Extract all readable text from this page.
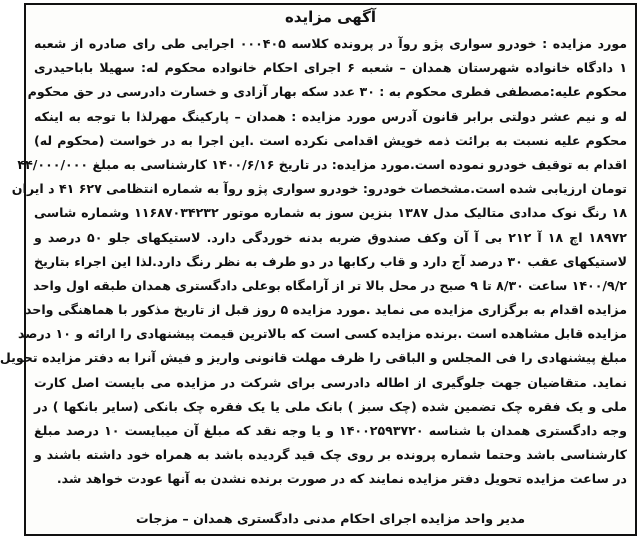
آگهی مزایده
مورد مزایده : خودرو سواری پژو روآ در پرونده کلاسه ۰۰۰۴۰۵ اجرایی طی رای صادره از شعبه
۱ دادگاه خانواده شهرستان همدان – شعبه ۶ اجرای احکام خانواده محکوم له: سهیلا باباحیدری
محکوم علیه:مصطفی فطری محکوم به : ۳۰ عدد سکه بهار آزادی و خسارت دادرسی در حق محکوم
له و نیم عشر دولتی برابر قانون آدرس مورد مزایده : همدان – پارکینگ مهرلذا با توجه به اینکه
محکوم علیه نسبت به برائت ذمه خویش اقدامی نکرده است .این اجرا به در خواست (محکوم له)
اقدام به توقیف خودرو نموده است.مورد مزایده: در تاریخ ۱۴۰۰/۶/۱۶ کارشناسی به مبلغ ۴۴/۰۰۰/۰۰۰
تومان ارزیابی شده است.مشخصات خودرو: خودرو سواری پژو روآ به شماره انتظامی ۶۲۷ ۴۱ د ایران
۱۸ رنگ نوک مدادی متالیک مدل ۱۳۸۷ بنزین سوز به شماره موتور ۱۱۶۸۷۰۳۴۲۳۲ وشماره شاسی
۱۸۹۷۲ اچ ۱۸ آ ۲۱۲ بی آ آن وکف صندوق ضربه بدنه خوردگی دارد. لاستیکهای جلو ۵۰ درصد و
لاستیکهای عقب ۳۰ درصد آج دارد و قاب رکابها در دو طرف به نظر رنگ دارد.لذا این اجراء بتاریخ
۱۴۰۰/۹/۲ ساعت ۸/۳۰ تا ۹ صبح در محل بالا تر از آرامگاه بوعلی دادگستری همدان طبقه اول واحد
مزایده اقدام به برگزاری مزایده می نماید .مورد مزایده ۵ روز قبل از تاریخ مذکور با هماهنگی واحد
مزایده قابل مشاهده است .برنده مزایده کسی است که بالاترین قیمت پیشنهادی را ارائه و ۱۰ درصد
مبلغ پیشنهادی را فی المجلس و الباقی را ظرف مهلت قانونی واریز و فیش آنرا به دفتر مزایده تحویل
نماید. متقاضیان جهت جلوگیری از اطاله دادرسی برای شرکت در مزایده می بایست اصل کارت
ملی و یک فقره چک تضمین شده (چک سبز ) بانک ملی یا یک فقره چک بانکی (سایر بانکها ) در
وجه دادگستری همدان با شناسه ۱۴۰۰۲۵۹۳۷۲۰ و یا وجه نقد که مبلغ آن میبایست ۱۰ درصد مبلغ
کارشناسی باشد وحتما شماره پرونده بر روی چک قید گردیده باشد به همراه خود داشته باشند و
در ساعت مزایده تحویل دفتر مزایده نمایند که در صورت برنده نشدن به آنها عودت خواهد شد.
مدیر واحد مزایده اجرای احکام مدنی دادگستری همدان – مزجات
